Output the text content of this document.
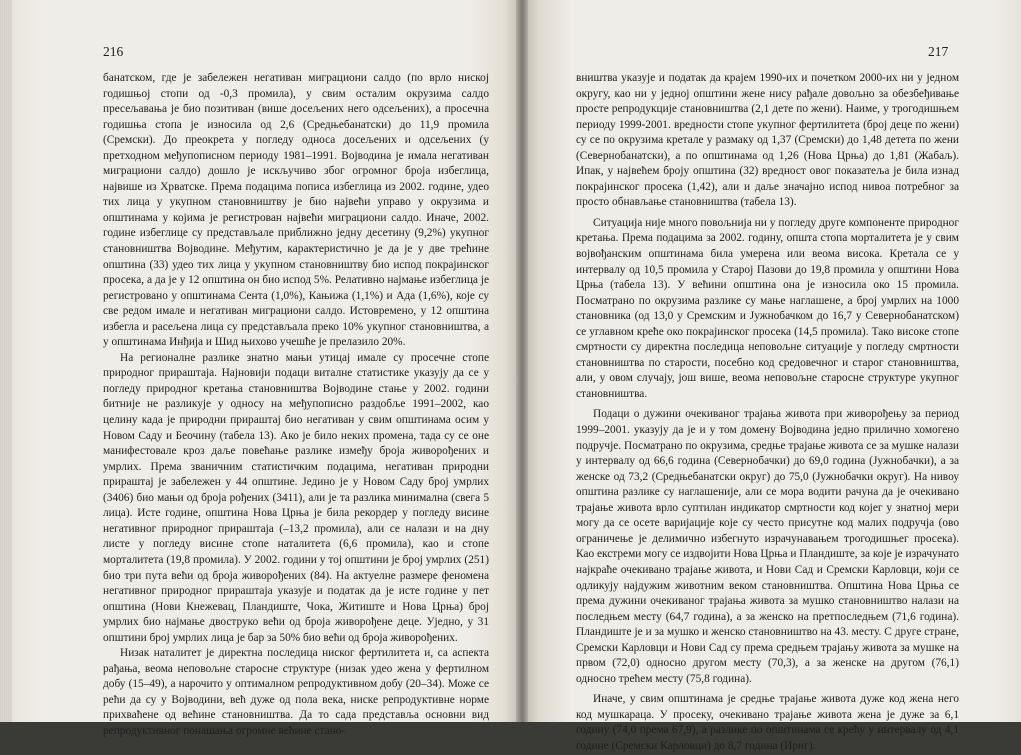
216

банатском, где је забележен негативан миграциони салдо (по врло ниској годишњој стопи од -0,3 промила), у свим осталим окрузима салдо пресељавања је био позитиван (више досељених него одсељених), а просечна годишња стопа је износила од 2,6 (Средњебанатски) до 11,9 промила (Сремски). До преокрета у погледу односа досељених и одсељених (у претходном међупописном периоду 1981–1991. Војводина је имала негативан миграциони салдо) дошло је искључиво због огромног броја избеглица, највише из Хрватске. Према подацима пописа избеглица из 2002. године, удео тих лица у укупном становништву је био највећи управо у окрузима и општинама у којима је регистрован највећи миграциони салдо. Иначе, 2002. године избеглице су представљале приближно једну десетину (9,2%) укупног становништва Војводине. Међутим, карактеристично је да је у две трећине општина (33) удео тих лица у укупном становништву био испод покрајинског просека, а да је у 12 општина он био испод 5%. Релативно најмање избеглица је регистровано у општинама Сента (1,0%), Кањижа (1,1%) и Ада (1,6%), које су све редом имале и негативан миграциони салдо. Истовремено, у 12 општина избегла и расељена лица су представљала преко 10% укупног становништва, а у општинама Инђија и Шид њихово учешће је прелазило 20%.

На регионалне разлике знатно мањи утицај имале су просечне стопе природног прираштаја. Најновији подаци виталне статистике указују да се у погледу природног кретања становништва Војводине стање у 2002. години битније не разликује у односу на међупописно раздобље 1991–2002, као целину када је природни прираштај био негативан у свим општинама осим у Новом Саду и Беочину (табела 13). Ако је било неких промена, тада су се оне манифестовале кроз даље повећање разлике између броја живорођених и умрлих. Према званичним статистичким подацима, негативан природни прираштај је забележен у 44 општине. Једино је у Новом Саду број умрлих (3406) био мањи од броја рођених (3411), али је та разлика минимална (свега 5 лица). Исте године, општина Нова Црња је била рекордер у погледу висине негативног природног прираштаја (–13,2 промила), али се налази и на дну листе у погледу висине стопе наталитета (6,6 промила), као и стопе морталитета (19,8 промила). У 2002. години у тој општини је број умрлих (251) био три пута већи од броја живорођених (84). На актуелне размере феномена негативног природног прираштаја указује и податак да је исте године у пет општина (Нови Кнежевац, Пландиште, Чока, Житиште и Нова Црња) број умрлих био најмање двоструко већи од броја живорођене деце. Уједно, у 31 општини број умрлих лица је бар за 50% био већи од броја живорођених.

Низак наталитет је директна последица ниског фертилитета и, са аспекта рађања, веома неповољне старосне структуре (низак удео жена у фертилном добу (15–49), а нарочито у оптималном репродуктивном добу (20–34). Може се рећи да су у Војводини, већ дуже од пола века, ниске репродуктивне норме прихваћене од већине становништва. Да то сада представља основни вид репродуктивног понашања огромне већине стано-

217

вништва указује и податак да крајем 1990-их и почетком 2000-их ни у једном округу, као ни у једној општини жене нису рађале довољно за обезбеђивање просте репродукције становништва (2,1 дете по жени). Наиме, у трогодишњем периоду 1999-2001. вредности стопе укупног фертилитета (број деце по жени) су се по окрузима кретале у размаку од 1,37 (Сремски) до 1,48 детета по жени (Севернобанатски), а по општинама од 1,26 (Нова Црња) до 1,81 (Жабаљ). Ипак, у највећем броју општина (32) вредност овог показатеља је била изнад покрајинског просека (1,42), али и даље значајно испод нивоа потребног за просто обнављање становништва (табела 13).

Ситуација није много повољнија ни у погледу друге компоненте природног кретања. Према подацима за 2002. годину, општа стопа морталитета је у свим војвођанским општинама била умерена или веома висока. Кретала се у интервалу од 10,5 промила у Старој Пазови до 19,8 промила у општини Нова Црња (табела 13). У већини општина она је износила око 15 промила. Посматрано по окрузима разлике су мање наглашене, а број умрлих на 1000 становника (од 13,0 у Сремским и Јужнобачком до 16,7 у Севернобанатском) се углавном креће око покрајинског просека (14,5 промила). Тако високе стопе смртности су директна последица неповољне ситуације у погледу смртности становништва по старости, посебно код средовечног и старог становништва, али, у овом случају, још више, веома неповољне старосне структуре укупног становништва.

Подаци о дужини очекиваног трајања живота при живорођењу за период 1999–2001. указују да је и у том домену Војводина једно прилично хомогено подручје. Посматрано по окрузима, средње трајање живота се за мушке налази у интервалу од 66,6 година (Севернобачки) до 69,0 година (Јужнобачки), а за женске од 73,2 (Средњебанатски округ) до 75,0 (Јужнобачки округ). На нивоу општина разлике су наглашеније, али се мора водити рачуна да је очекивано трајање живота врло суптилан индикатор смртности код којег у знатној мери могу да се осете варијације које су често присутне код малих подручја (ово ограничење је делимично избегнуто израчунавањем трогодишњег просека). Као екстреми могу се издвојити Нова Црња и Пландиште, за које је израчунато најкраће очекивано трајање живота, и Нови Сад и Сремски Карловци, који се одликују најдужим животним веком становништва. Општина Нова Црња се према дужини очекиваног трајања живота за мушко становништво налази на последњем месту (64,7 година), а за женско на претпоследњем (71,6 година). Пландиште је и за мушко и женско становништво на 43. месту. С друге стране, Сремски Карловци и Нови Сад су према средњем трајању живота за мушке на првом (72,0) односно другом месту (70,3), а за женске на другом (76,1) односно трећем месту (75,8 година).

Иначе, у свим општинама је средње трајање живота дуже код жена него код мушкараца. У просеку, очекивано трајање живота жена је дуже за 6,1 годину (74,0 према 67,9), а разлике по општинама се крећу у интервалу од 4,1 године (Сремски Карловци) до 8,7 година (Ириг).
